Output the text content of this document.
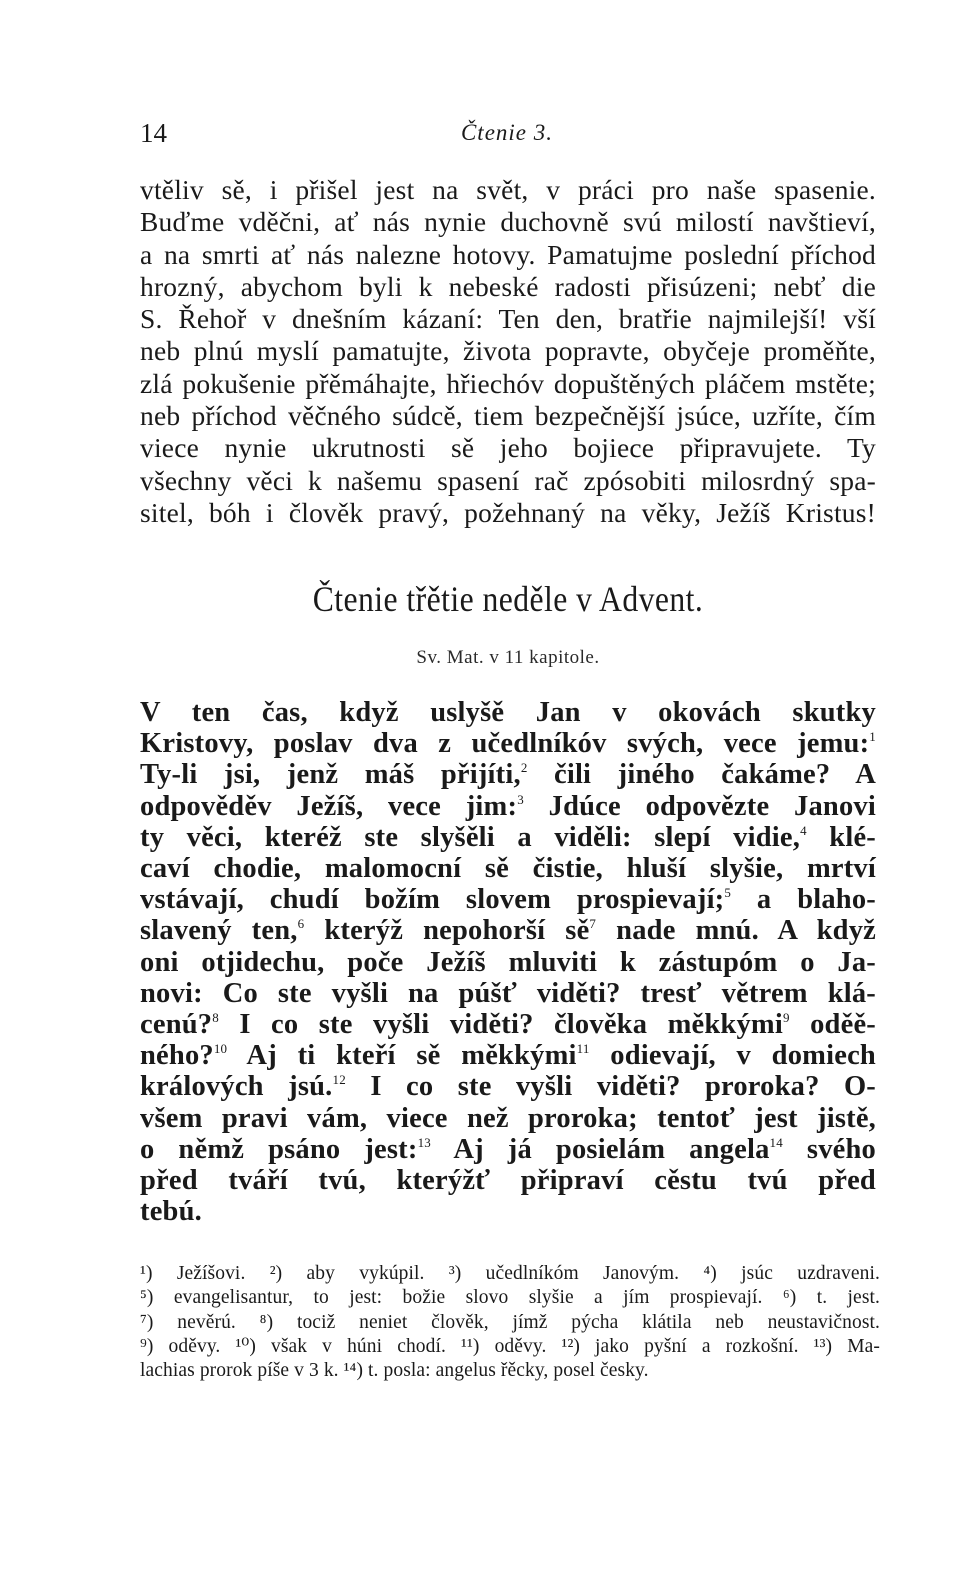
14	Čtenie 3.
vtěliv sě, i přišel jest na svět, v práci pro naše spasenie.
Buďme vděčni, ať nás nynie duchovně svú milostí navštieví,
a na smrti ať nás nalezne hotovy. Pamatujme poslední příchod
hrozný, abychom byli k nebeské radosti přisúzeni; nebť die
S. Řehoř v dnešním kázaní: Ten den, bratřie najmilejší! vší
neb plnú myslí pamatujte, života popravte, obyčeje proměňte,
zlá pokušenie přěmáhajte, hřiechóv dopuštěných pláčem mstěte;
neb příchod věčného súdcě, tiem bezpečnější jsúce, uzříte, čím
viece nynie ukrutnosti sě jeho bojiece připravujete. Ty
všechny věci k našemu spasení rač zpósobiti milosrdný spa-
sitel, bóh i člověk pravý, požehnaný na věky, Ježíš Kristus!
Čtenie třětie neděle v Advent.
Sv. Mat. v 11 kapitole.
V ten čas, když uslyšě Jan v okovách skutky
Kristovy, poslav dva z učedlníkóv svých, vece jemu:$^1$
Ty-li jsi, jenž máš přijíti,$^2$ čili jiného čakáme? A
odpověděv Ježíš, vece jim:$^3$ Jdúce odpovězte Janovi
ty věci, kteréž ste slyšěli a viděli: slepí vidie,$^4$ klé-
caví chodie, malomocní sě čistie, hluší slyšie, mrtví
vstávají, chudí božím slovem prospievají;$^5$ a blaho-
slavený ten,$^6$ kterýž nepohorší $sě^7$ nade mnú. A když
oni otjidechu, poče Ježíš mluviti k zástupóm o Ja-
novi: Co ste vyšli na púšť viděti? tresť větrem klá-
cenú?$^8$ I co ste vyšli viděti? člověka měkkými$^9$ oděě-
ného?$^{10}$ Aj ti kteří sě měkkými$^{11}$ odievají, v domiech
králových jsú.$^{12}$ I co ste vyšli viděti? proroka? O-
všem pravi vám, viece než proroka; tentoť jest jistě,
o němž psáno jest:$^{13}$ Aj já posielám angela$^{14}$ svého
před tváří tvú, kterýžť připraví cěstu tvú před
tebú.
¹) Ježíšovi. ²) aby vykúpil. ³) učedlníkóm Janovým. ⁴) jsúc uzdraveni.
⁵) evangelisantur, to jest: božie slovo slyšie a jím prospievají. ⁶) t. jest.
⁷) nevěrú. ⁸) tociž neniet člověk, jímž pýcha klátila neb neustavičnost.
⁹) oděvy. ¹⁰) však v húni chodí. ¹¹) oděvy. ¹²) jako pyšní a rozkošní. ¹³) Ma-
lachias prorok píše v 3 k. ¹⁴) t. posla: angelus řěcky, posel česky.
